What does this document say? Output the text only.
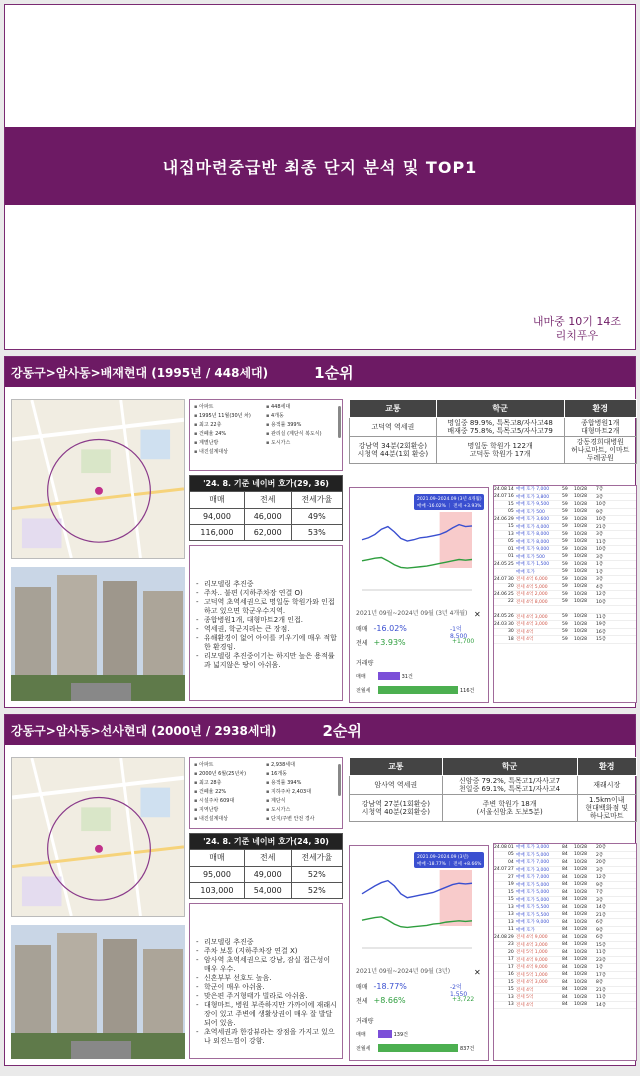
내집마련중급반 최종 단지 분석 및 TOP1
내마중 10기 14조
리치푸우
강동구>암사동>배재현대 (1995년 / 448세대)	1순위
▪ 아파트	▪ 448세대
▪ 1995년 11월(30년 차)	▪ 4개동
▪ 최고 22층	▪ 용적률 399%
▪ 건폐율 24%	▪ 관리실 (계단식 복도식)
▪ 계별난방	▪ 도시가스
▪ 내진설계대상
'24. 8. 기준 네이버 호가(29, 36)		
매매	전세	전세가율
94,000	46,000	49%
116,000	62,000	53%
- 리모델링 추진중
- 주차.. 불편 (지하주차장 연결 O)
- 고덕역 초역세권으로 명일동 학원가와 인접하고 있으면 학군우수지역.
- 종합병원1개, 대형마트2개 인접.
- 역세권, 학군지라는 큰 장점.
- 유해환경이 없어 아이를 키우기에 매우 적합한 환경임.
- 리모델링 추진중이기는 하지만 높은 용적률과 넓지않은 땅이 아쉬움.
교통	학군	환경
고덕역 역세권	명일중 89.9%, 특목고8/자사고48
배재중 75.8%, 특목고5/자사고79	종합병원1개
대형마트2개
강남역 34분(2회환승)
시청역 44분(1회 환승)	명일동 학원가 122개
고덕동 학원가 17개	강동경희대병원
허나로마트, 이마트
두레공원
2021.09–2024.09 (3년 4개월)
매매 -16.02% ｜ 전세 +3.93%
2021년 09월~2024년 09월 (3년 4개월) ✕
매매 -16.02%	-1억 8,500
전세 +3.93%	+1,700
거래량
매매	31건
전월세	116건
24.08 14 매매 호가 7,000	59	10/28	7층
24.07 16 매매 호가 3,800	59	10/28	3층
15 매매 호가 9,500	59	10/28	10층
05 매매 호가 500	59	10/28	9층
24.06 29 매매 호가 3,600	59	10/28	10층
15 매매 호가 4,000	59	10/28	21층
13 매매 호가 8,000	59	10/28	3층
05 매매 호가 8,000	59	10/28	11층
01 매매 호가 9,000	59	10/28	10층
01 매매 호가 500	59	10/28	3층
24.05 25 매매 호가 1,500	59	10/28	1층
매매 호가	59	10/28	1층
24.07 30 전세 4억 6,000	59	10/28	3층
20 전세 4억 5,000	59	10/28	4층
24.06 25 전세 4억 2,000	59	10/28	12층
22 전세 4억 8,000	59	10/28	10층
24.05 26 전세 4억 3,000	59	10/28	11층
24.03 30 전세 4억 3,000	59	10/28	19층
30 전세 4억	59	10/28	16층
18 전세 4억	59	10/28	15층
강동구>암사동>선사현대 (2000년 / 2938세대)	2순위
▪ 아파트	▪ 2,938세대
▪ 2000년 6월(25년차)	▪ 16개동
▪ 최고 28층	▪ 용적률 394%
▪ 건폐율 22%	▪ 지하주차 2,403대
▪ 시설주차 609대	▪ 계단식
▪ 지역난방	▪ 도시가스
▪ 내진설계대상	▪ 단지/주변 안전 경사
'24. 8. 기준 네이버 호가(24, 30)		
매매	전세	전세가율
95,000	49,000	52%
103,000	54,000	52%
- 리모델링 추진중
- 주차 보통 (지하주차장 연결 X)
- 암사역 초역세권으로 강남, 잠실 접근성이 매우 우수.
- 신혼부부 선호도 높음.
- 학군이 매우 아쉬움.
- 맞은편 주거형태가 빌라로 아쉬움.
- 대형마트, 병원 부족하지만 가까이에 재래시장이 있고 주변에 생활상권이 매우 잘 발달되어 있음.
- 초역세권과 한강뷰라는 장점을 가지고 있으나 외진느낌이 강함.
교통	학군	환경
암사역 역세권	신암중 79.2%, 특목고1/자사고7
천일중 69.1%, 특목고1/자사고4	재래시장
강남역 27분(1회환승)
시청역 40분(2회환승)	주변 학원가 18개
(서울신암초 도보5분)	1.5km이내
현대백화점 및
하나로마트
2021.09–2024.09 (3년)
매매 -18.77% ｜ 전세 +8.66%
2021년 09월~2024년 09월 (3년)	✕
매매 -18.77%	-2억 1,550
전세 +8.66%	+3,722
거래량
매매	139건
전월세	837건
24.08 01 매매 호가 3,000	84	10/28	20층
05 매매 호가 5,000	84	10/28	2층
04 매매 호가 7,000	84	10/28	20층
24.07 27 매매 호가 3,000	84	10/28	3층
27 매매 호가 7,000	84	10/28	12층
19 매매 호가 5,000	84	10/28	9층
15 매매 호가 5,000	84	10/28	7층
15 매매 호가 5,000	84	10/28	3층
13 매매 호가 5,500	84	10/28	14층
13 매매 호가 5,500	84	10/28	21층
13 매매 호가 9,000	84	10/28	6층
11 매매 호가	84	10/28	9층
24.08 29 전세 4억 9,000	84	10/28	6층
23 전세 4억 3,000	84	10/28	15층
20 전세 5억 1,000	84	10/28	11층
17 전세 4억 9,000	84	10/28	23층
17 전세 4억 9,000	84	10/28	1층
16 전세 5억 1,000	84	10/28	17층
15 전세 4억 3,000	84	10/28	8층
15 전세 4억	84	10/28	21층
13 전세 5억	84	10/28	11층
13 전세 4억	84	10/28	14층
